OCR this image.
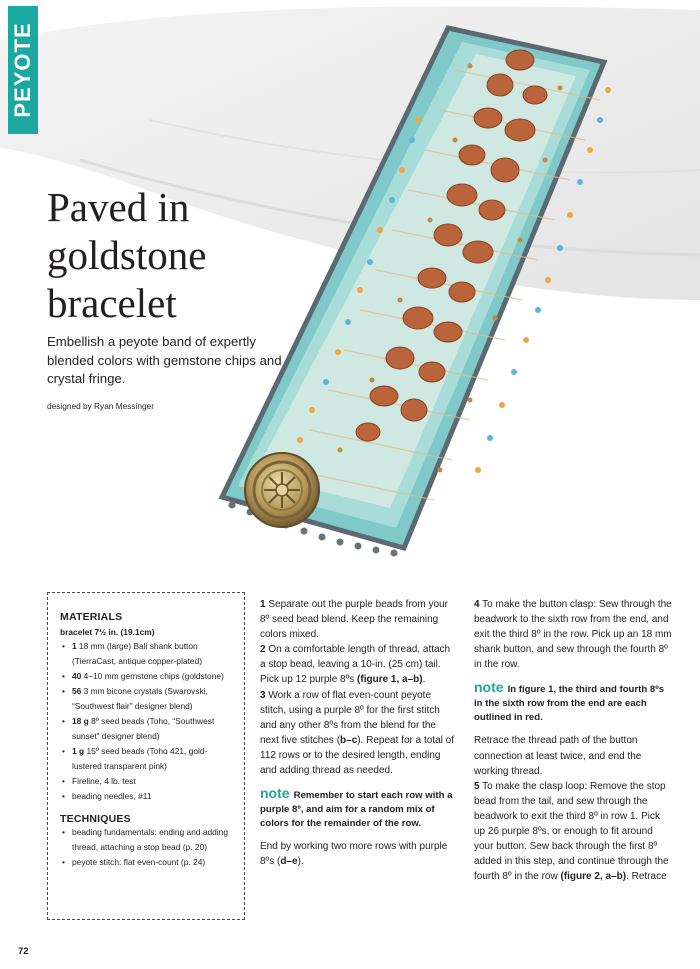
PEYOTE
Paved in
goldstone
bracelet

Embellish a peyote band of expertly blended colors with gemstone chips and crystal fringe.

designed by Ryan Messinger
MATERIALS
bracelet 7½ in. (19.1cm)
• 1 18 mm (large) Bali shank button (TierraCast, antique copper-plated)
• 40 4–10 mm gemstone chips (goldstone)
• 56 3 mm bicone crystals (Swarovski, “Southwest flair” designer blend)
• 18 g 8º seed beads (Toho, “Southwest sunset” designer blend)
• 1 g 15º seed beads (Toho 421, gold-lustered transparent pink)
• Fireline, 4 lb. test
• beading needles, #11
TECHNIQUES
• beading fundamentals: ending and adding thread, attaching a stop bead (p. 20)
• peyote stitch: flat even-count (p. 24)

1 Separate out the purple beads from your 8º seed bead blend. Keep the remaining colors mixed.

2 On a comfortable length of thread, attach a stop bead, leaving a 10-in. (25 cm) tail. Pick up 12 purple 8ºs (figure 1, a–b).

3 Work a row of flat even-count peyote stitch, using a purple 8º for the first stitch and any other 8ºs from the blend for the next five stitches (b–c). Repeat for a total of 112 rows or to the desired length, ending and adding thread as needed.

note Remember to start each row with a purple 8º, and aim for a random mix of colors for the remainder of the row.

End by working two more rows with purple 8ºs (d–e).

4 To make the button clasp: Sew through the beadwork to the sixth row from the end, and exit the third 8º in the row. Pick up an 18 mm shank button, and sew through the fourth 8º in the row.

note In figure 1, the third and fourth 8ºs in the sixth row from the end are each outlined in red.

Retrace the thread path of the button connection at least twice, and end the working thread.

5 To make the clasp loop: Remove the stop bead from the tail, and sew through the beadwork to exit the third 8º in row 1. Pick up 26 purple 8ºs, or enough to fit around your button. Sew back through the first 8º added in this step, and continue through the fourth 8º in the row (figure 2, a–b). Retrace

72
